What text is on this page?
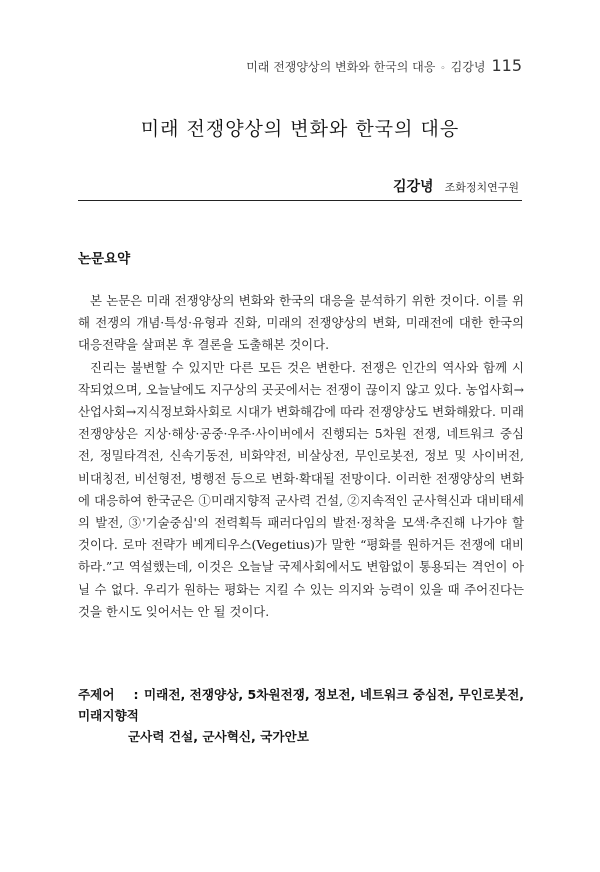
미래 전쟁양상의 변화와 한국의 대응 ◦ 김강녕 115
미래 전쟁양상의 변화와 한국의 대응
김강녕 조화정치연구원
논문요약

본 논문은 미래 전쟁양상의 변화와 한국의 대응을 분석하기 위한 것이다. 이를 위해 전쟁의 개념·특성·유형과 진화, 미래의 전쟁양상의 변화, 미래전에 대한 한국의 대응전략을 살펴본 후 결론을 도출해본 것이다.

진리는 불변할 수 있지만 다른 모든 것은 변한다. 전쟁은 인간의 역사와 함께 시작되었으며, 오늘날에도 지구상의 곳곳에서는 전쟁이 끊이지 않고 있다. 농업사회→산업사회→지식정보화사회로 시대가 변화해감에 따라 전쟁양상도 변화해왔다. 미래 전쟁양상은 지상·해상·공중·우주·사이버에서 진행되는 5차원 전쟁, 네트워크 중심전, 정밀타격전, 신속기동전, 비화약전, 비살상전, 무인로봇전, 정보 및 사이버전, 비대칭전, 비선형전, 병행전 등으로 변화·확대될 전망이다. 이러한 전쟁양상의 변화에 대응하여 한국군은 ①미래지향적 군사력 건설, ②지속적인 군사혁신과 대비태세의 발전, ③'기술중심'의 전력획득 패러다임의 발전·정착을 모색·추진해 나가야 할 것이다. 로마 전략가 베게티우스(Vegetius)가 말한 “평화를 원하거든 전쟁에 대비하라.”고 역설했는데, 이것은 오늘날 국제사회에서도 변함없이 통용되는 격언이 아닐 수 없다. 우리가 원하는 평화는 지킬 수 있는 의지와 능력이 있을 때 주어진다는 것을 한시도 잊어서는 안 될 것이다.

주제어 : 미래전, 전쟁양상, 5차원전쟁, 정보전, 네트워크 중심전, 무인로봇전, 미래지향적
군사력 건설, 군사혁신, 국가안보
